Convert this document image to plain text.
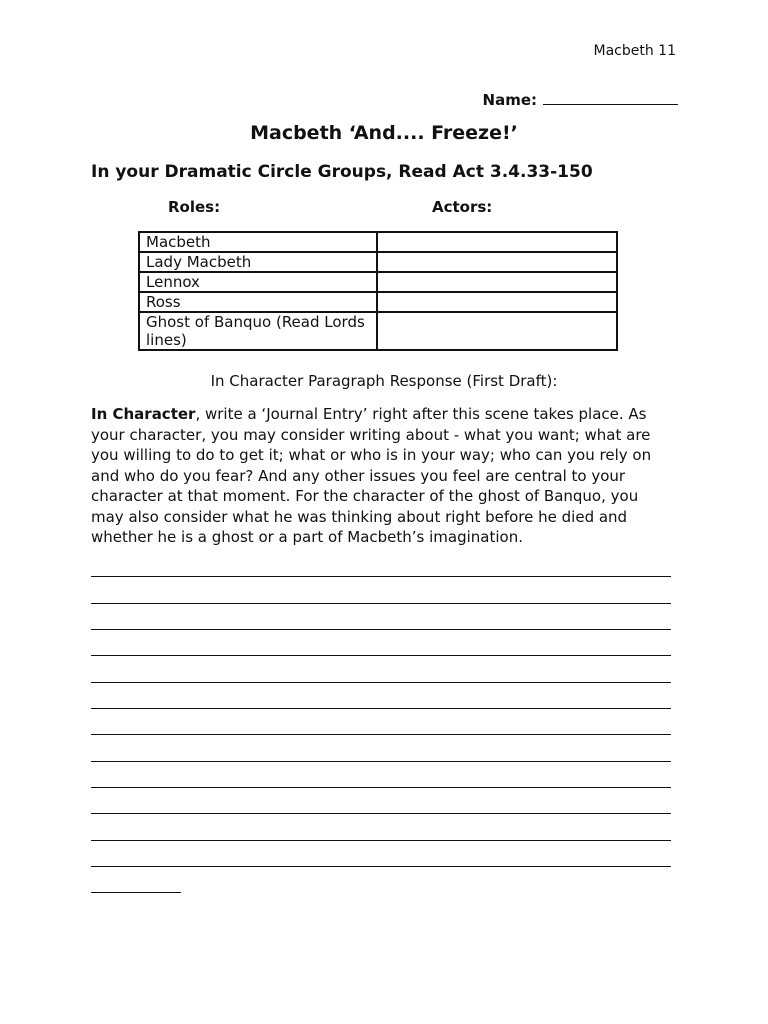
Macbeth 11
Name:
Macbeth ‘And.... Freeze!’
In your Dramatic Circle Groups, Read Act 3.4.33-150
Roles:	Actors:
Macbeth	
Lady Macbeth	
Lennox	
Ross	
Ghost of Banquo (Read Lords lines)	
In Character Paragraph Response (First Draft):
In Character, write a ‘Journal Entry’ right after this scene takes place. As your character, you may consider writing about - what you want; what are you willing to do to get it; what or who is in your way; who can you rely on and who do you fear? And any other issues you feel are central to your character at that moment. For the character of the ghost of Banquo, you may also consider what he was thinking about right before he died and whether he is a ghost or a part of Macbeth’s imagination.
